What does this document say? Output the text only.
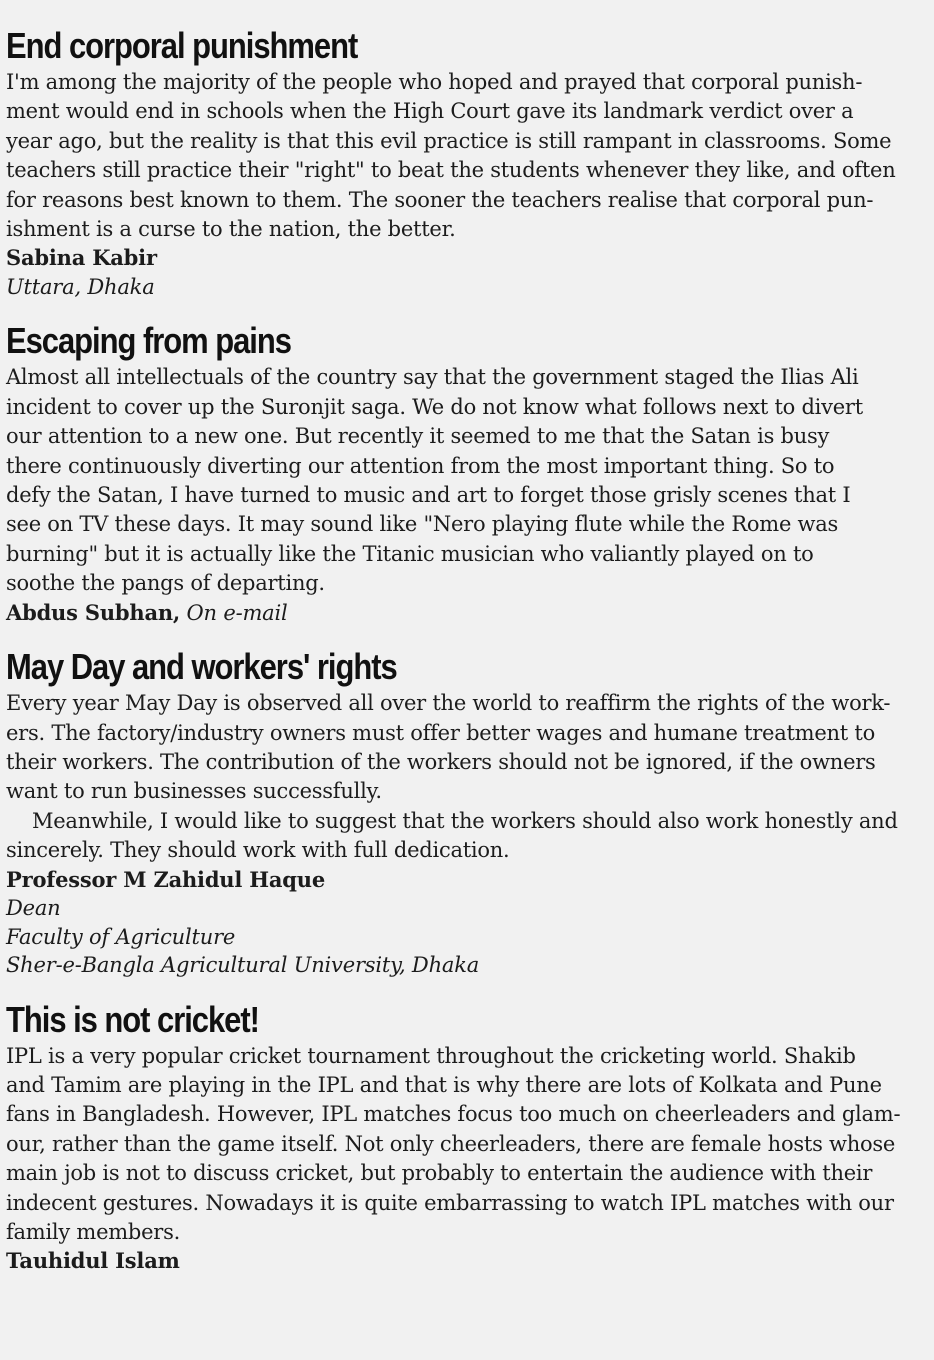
End corporal punishment
I'm among the majority of the people who hoped and prayed that corporal punish-
ment would end in schools when the High Court gave its landmark verdict over a
year ago, but the reality is that this evil practice is still rampant in classrooms. Some
teachers still practice their "right" to beat the students whenever they like, and often
for reasons best known to them. The sooner the teachers realise that corporal pun-
ishment is a curse to the nation, the better.
Sabina Kabir
Uttara, Dhaka
Escaping from pains
Almost all intellectuals of the country say that the government staged the Ilias Ali
incident to cover up the Suronjit saga. We do not know what follows next to divert
our attention to a new one. But recently it seemed to me that the Satan is busy
there continuously diverting our attention from the most important thing. So to
defy the Satan, I have turned to music and art to forget those grisly scenes that I
see on TV these days. It may sound like "Nero playing flute while the Rome was
burning" but it is actually like the Titanic musician who valiantly played on to
soothe the pangs of departing.
Abdus Subhan, On e-mail
May Day and workers' rights
Every year May Day is observed all over the world to reaffirm the rights of the work-
ers. The factory/industry owners must offer better wages and humane treatment to
their workers. The contribution of the workers should not be ignored, if the owners
want to run businesses successfully.
Meanwhile, I would like to suggest that the workers should also work honestly and
sincerely. They should work with full dedication.
Professor M Zahidul Haque
Dean
Faculty of Agriculture
Sher-e-Bangla Agricultural University, Dhaka
This is not cricket!
IPL is a very popular cricket tournament throughout the cricketing world. Shakib
and Tamim are playing in the IPL and that is why there are lots of Kolkata and Pune
fans in Bangladesh. However, IPL matches focus too much on cheerleaders and glam-
our, rather than the game itself. Not only cheerleaders, there are female hosts whose
main job is not to discuss cricket, but probably to entertain the audience with their
indecent gestures. Nowadays it is quite embarrassing to watch IPL matches with our
family members.
Tauhidul Islam
